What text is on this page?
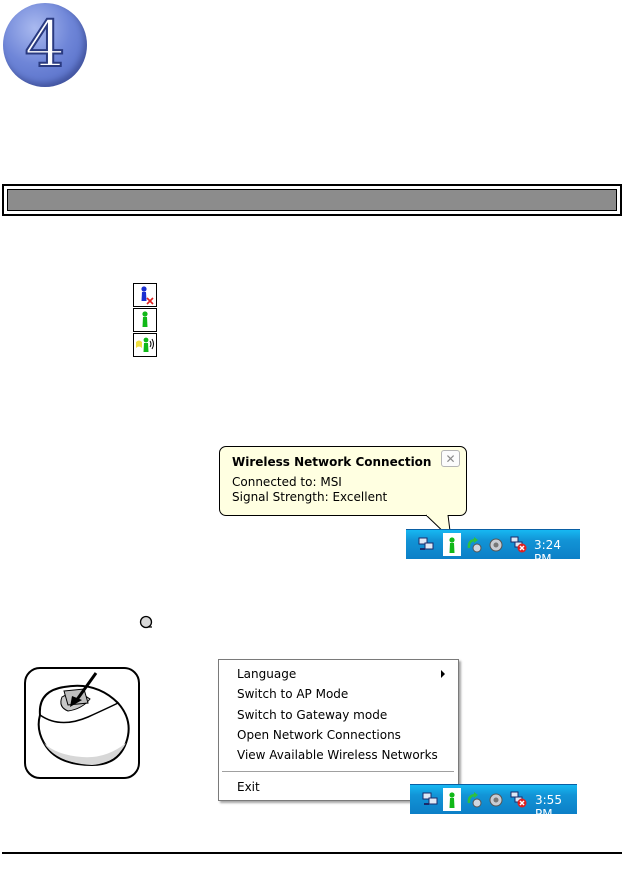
4
Wireless Network Connection
Connected to: MSI
Signal Strength: Excellent
✕
3:24 PM
Language
Switch to AP Mode
Switch to Gateway mode
Open Network Connections
View Available Wireless Networks
Exit
3:55 PM
